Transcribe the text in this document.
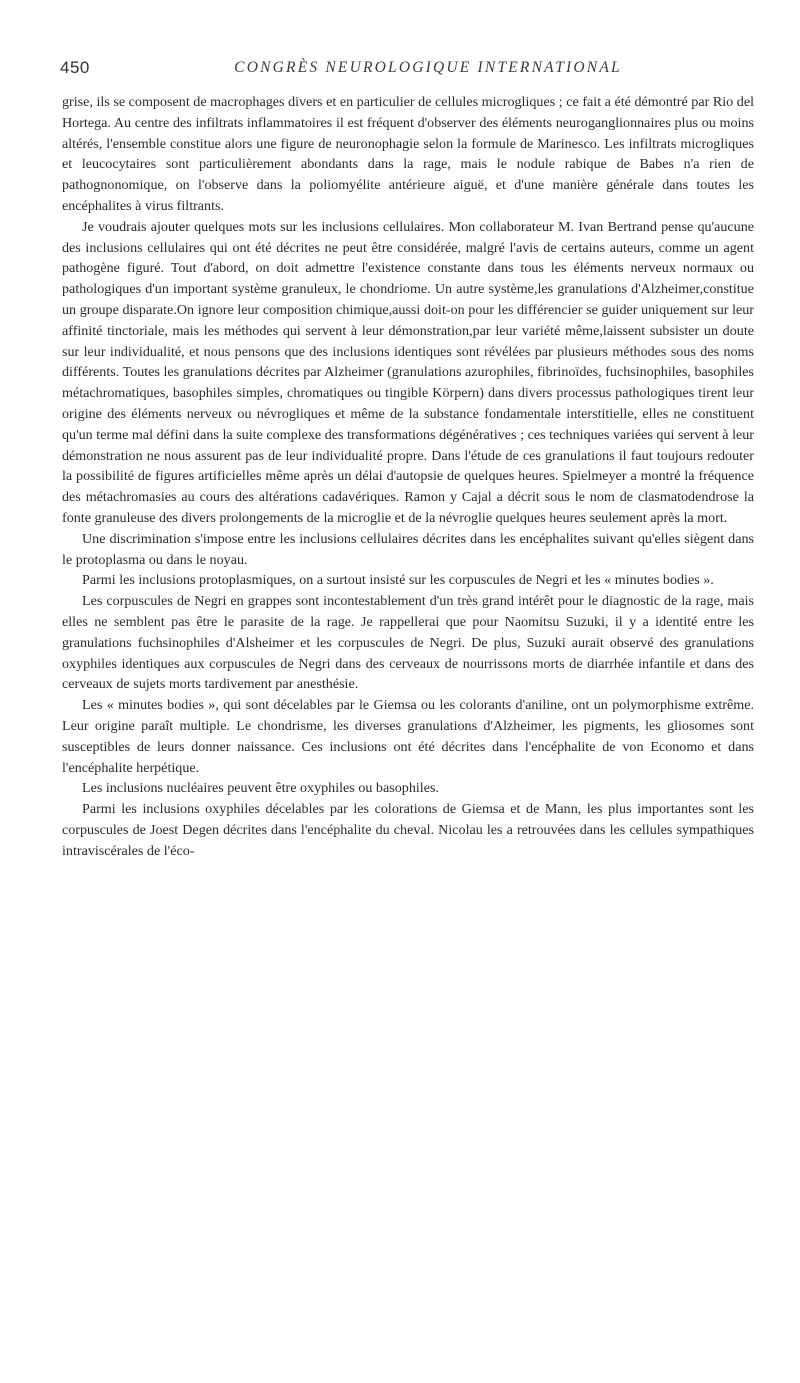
450	CONGRÈS NEUROLOGIQUE INTERNATIONAL

grise, ils se composent de macrophages divers et en particulier de cellules microgliques ; ce fait a été démontré par Rio del Hortega. Au centre des infiltrats inflammatoires il est fréquent d'observer des éléments neuroganglionnaires plus ou moins altérés, l'ensemble constitue alors une figure de neuronophagie selon la formule de Marinesco. Les infiltrats microgliques et leucocytaires sont particulièrement abondants dans la rage, mais le nodule rabique de Babes n'a rien de pathognonomique, on l'observe dans la poliomyélite antérieure aiguë, et d'une manière générale dans toutes les encéphalites à virus filtrants.

Je voudrais ajouter quelques mots sur les inclusions cellulaires. Mon collaborateur M. Ivan Bertrand pense qu'aucune des inclusions cellulaires qui ont été décrites ne peut être considérée, malgré l'avis de certains auteurs, comme un agent pathogène figuré. Tout d'abord, on doit admettre l'existence constante dans tous les éléments nerveux normaux ou pathologiques d'un important système granuleux, le chondriome. Un autre système,les granulations d'Alzheimer,constitue un groupe disparate.On ignore leur composition chimique,aussi doit-on pour les différencier se guider uniquement sur leur affinité tinctoriale, mais les méthodes qui servent à leur démonstration,par leur variété même,laissent subsister un doute sur leur individualité, et nous pensons que des inclusions identiques sont révélées par plusieurs méthodes sous des noms différents. Toutes les granulations décrites par Alzheimer (granulations azurophiles, fibrinoïdes, fuchsinophiles, basophiles métachromatiques, basophiles simples, chromatiques ou tingible Körpern) dans divers processus pathologiques tirent leur origine des éléments nerveux ou névrogliques et même de la substance fondamentale interstitielle, elles ne constituent qu'un terme mal défini dans la suite complexe des transformations dégénératives ; ces techniques variées qui servent à leur démonstration ne nous assurent pas de leur individualité propre. Dans l'étude de ces granulations il faut toujours redouter la possibilité de figures artificielles même après un délai d'autopsie de quelques heures. Spielmeyer a montré la fréquence des métachromasies au cours des altérations cadavériques. Ramon y Cajal a décrit sous le nom de clasmatodendrose la fonte granuleuse des divers prolongements de la microglie et de la névroglie quelques heures seulement après la mort.

Une discrimination s'impose entre les inclusions cellulaires décrites dans les encéphalites suivant qu'elles siègent dans le protoplasma ou dans le noyau.

Parmi les inclusions protoplasmiques, on a surtout insisté sur les corpuscules de Negri et les « minutes bodies ».

Les corpuscules de Negri en grappes sont incontestablement d'un très grand intérêt pour le diagnostic de la rage, mais elles ne semblent pas être le parasite de la rage. Je rappellerai que pour Naomitsu Suzuki, il y a identité entre les granulations fuchsinophiles d'Alsheimer et les corpuscules de Negri. De plus, Suzuki aurait observé des granulations oxyphiles identiques aux corpuscules de Negri dans des cerveaux de nourrissons morts de diarrhée infantile et dans des cerveaux de sujets morts tardivement par anesthésie.

Les « minutes bodies », qui sont décelables par le Giemsa ou les colorants d'aniline, ont un polymorphisme extrême. Leur origine paraît multiple. Le chondrisme, les diverses granulations d'Alzheimer, les pigments, les gliosomes sont susceptibles de leurs donner naissance. Ces inclusions ont été décrites dans l'encéphalite de von Economo et dans l'encéphalite herpétique.

Les inclusions nucléaires peuvent être oxyphiles ou basophiles.

Parmi les inclusions oxyphiles décelables par les colorations de Giemsa et de Mann, les plus importantes sont les corpuscules de Joest Degen décrites dans l'encéphalite du cheval. Nicolau les a retrouvées dans les cellules sympathiques intraviscérales de l'éco-
